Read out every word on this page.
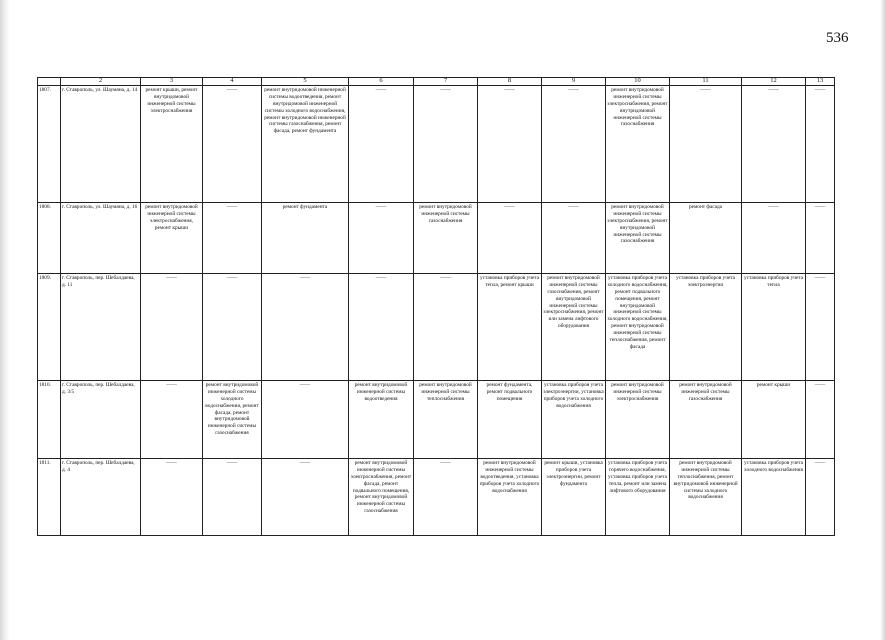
536
	2	3	4	5	6	7	8	9	10	11	12	13
1807.	г. Ставрополь, ул. Шаумяна, д. 14	ремонт крыши, ремонт внутридомовой инженерной системы электроснабжения	——	ремонт внутридомовой инженерной системы водоотведения, ремонт внутридомовой инженерной системы холодного водоснабжения, ремонт внутридомовой инженерной системы газоснабжения, ремонт фасада, ремонт фундамента	——	——	——	——	ремонт внутридомовой инженерной системы электроснабжения, ремонт внутридомовой инженерной системы газоснабжения	——	——	——
1808.	г. Ставрополь, ул. Шаумяна, д. 16	ремонт внутридомовой инженерной системы электроснабжения, ремонт крыши	——	ремонт фундамента	——	ремонт внутридомовой инженерной системы газоснабжения	——	——	ремонт внутридомовой инженерной системы электроснабжения, ремонт внутридомовой инженерной системы газоснабжения	ремонт фасада	——	——
1809.	г. Ставрополь, пер. Шебалдаева, д. 11	——	——	——	——	——	установка приборов учета тепла, ремонт крыши	ремонт внутридомовой инженерной системы газоснабжения, ремонт внутридомовой инженерной системы электроснабжения, ремонт или замена лифтового оборудования	установка приборов учета холодного водоснабжения, ремонт подвального помещения, ремонт внутридомовой инженерной системы холодного водоснабжения, ремонт внутридомовой инженерной системы теплоснабжения, ремонт фасада	установка приборов учета электроэнергии	установка приборов учета тепла	——
1810.	г. Ставрополь, пер. Шебалдаева, д. 3/5	——	ремонт внутридомовой инженерной системы холодного водоснабжения, ремонт фасада, ремонт внутридомовой инженерной системы газоснабжения	——	ремонт внутридомовой инженерной системы водоотведения	ремонт внутридомовой инженерной системы теплоснабжения	ремонт фундамента, ремонт подвального помещения	установка приборов учета электроэнергии, установка приборов учета холодного водоснабжения	ремонт внутридомовой инженерной системы электроснабжения	ремонт внутридомовой инженерной системы газоснабжения	ремонт крыши	——
1811.	г. Ставрополь, пер. Шебалдаева, д. 4	——	——	——	ремонт внутридомовой инженерной системы электроснабжения, ремонт фасада, ремонт подвального помещения, ремонт внутридомовой инженерной системы газоснабжения	——	ремонт внутридомовой инженерной системы водоотведения, установка приборов учета холодного водоснабжения	ремонт крыши, установка приборов учета электроэнергии, ремонт фундамента	установка приборов учета горячего водоснабжения, установка приборов учета тепла, ремонт или замена лифтового оборудования	ремонт внутридомовой инженерной системы теплоснабжения, ремонт внутридомовой инженерной системы холодного водоснабжения	установка приборов учета холодного водоснабжения	——
